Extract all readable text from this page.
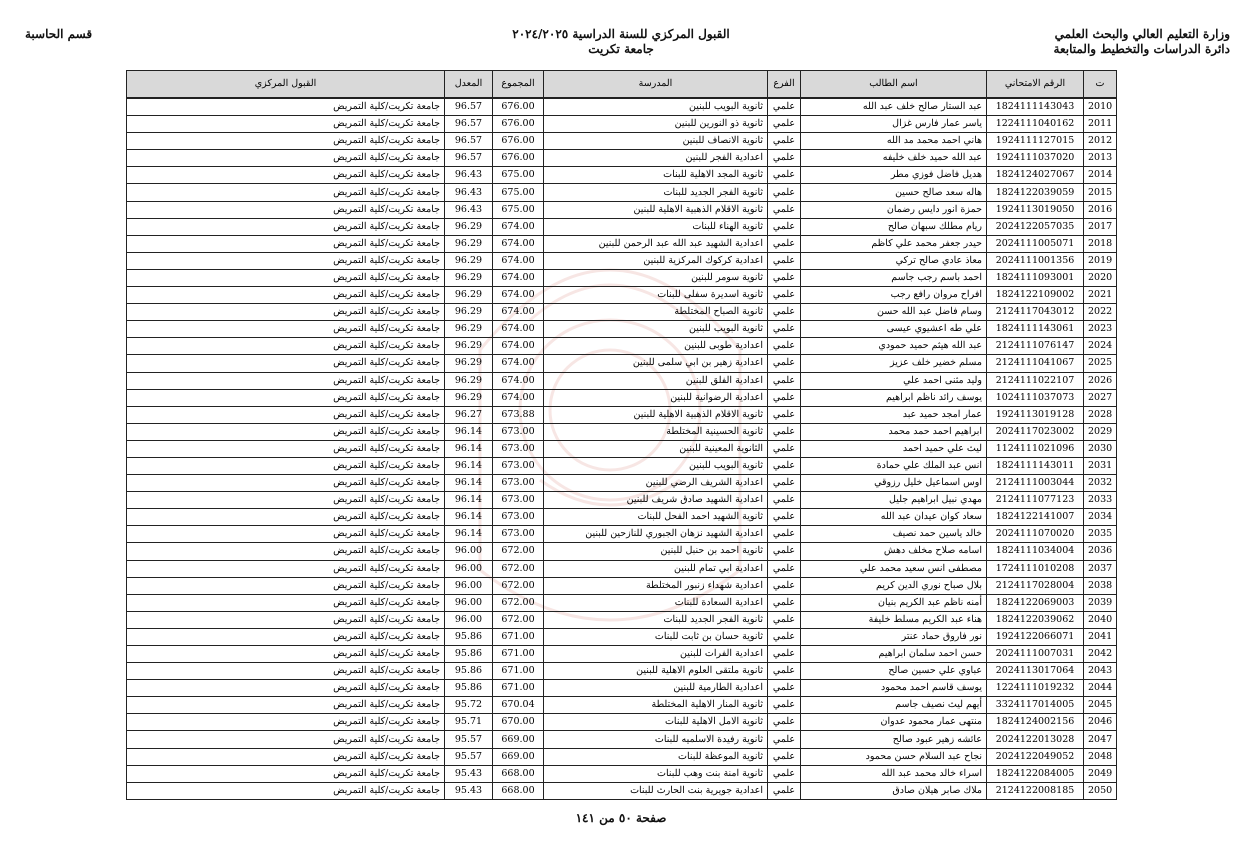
وزارة التعليم العالي والبحث العلمي
دائرة الدراسات والتخطيط والمتابعة
القبول المركزي للسنة الدراسية ٢٠٢٤/٢٠٢٥
جامعة تكريت
قسم الحاسبة
ت	الرقم الامتحاني	اسم الطالب	الفرع	المدرسة	المجموع	المعدل	القبول المركزي
2010	1824111143043	عبد الستار صالح خلف عبد الله	علمي	ثانوية البويب للبنين	676.00	96.57	جامعة تكريت/كلية التمريض
2011	1224111040162	ياسر عمار فارس غزال	علمي	ثانوية ذو النورين للبنين	676.00	96.57	جامعة تكريت/كلية التمريض
2012	1924111127015	هاني احمد محمد مد الله	علمي	ثانوية الانصاف للبنين	676.00	96.57	جامعة تكريت/كلية التمريض
2013	1924111037020	عبد الله حميد خلف خليفه	علمي	اعدادية الفجر للبنين	676.00	96.57	جامعة تكريت/كلية التمريض
2014	1824124027067	هديل فاضل فوزي مطر	علمي	ثانوية المجد الاهلية للبنات	675.00	96.43	جامعة تكريت/كلية التمريض
2015	1824122039059	هاله سعد صالح حسين	علمي	ثانوية الفجر الجديد للبنات	675.00	96.43	جامعة تكريت/كلية التمريض
2016	1924113019050	حمزة انور دايس رضمان	علمي	ثانوية الاقلام الذهبية الاهلية للبنين	675.00	96.43	جامعة تكريت/كلية التمريض
2017	2024122057035	ريام مطلك سبهان صالح	علمي	ثانوية الهناء للبنات	674.00	96.29	جامعة تكريت/كلية التمريض
2018	2024111005071	حيدر جعفر محمد علي كاظم	علمي	اعدادية الشهيد عبد الله عبد الرحمن للبنين	674.00	96.29	جامعة تكريت/كلية التمريض
2019	2024111001356	معاذ عادي صالح تركي	علمي	اعدادية كركوك المركزية للبنين	674.00	96.29	جامعة تكريت/كلية التمريض
2020	1824111093001	احمد باسم رجب جاسم	علمي	ثانوية سومر للبنين	674.00	96.29	جامعة تكريت/كلية التمريض
2021	1824122109002	افراح مروان رافع رجب	علمي	ثانوية اسديرة سفلى للبنات	674.00	96.29	جامعة تكريت/كلية التمريض
2022	2124117043012	وسام فاضل عبد الله حسن	علمي	ثانوية الصباح المختلطة	674.00	96.29	جامعة تكريت/كلية التمريض
2023	1824111143061	علي طه اعشيوي عيسى	علمي	ثانوية البويب للبنين	674.00	96.29	جامعة تكريت/كلية التمريض
2024	2124111076147	عبد الله هيثم حميد حمودي	علمي	اعدادية طوبى للبنين	674.00	96.29	جامعة تكريت/كلية التمريض
2025	2124111041067	مسلم خضير خلف عزيز	علمي	اعدادية زهير بن ابي سلمى للبنين	674.00	96.29	جامعة تكريت/كلية التمريض
2026	2124111022107	وليد مثنى احمد علي	علمي	اعدادية الفلق للبنين	674.00	96.29	جامعة تكريت/كلية التمريض
2027	1024111037073	يوسف رائد ناظم ابراهيم	علمي	اعدادية الرضوانية للبنين	674.00	96.29	جامعة تكريت/كلية التمريض
2028	1924113019128	عمار امجد حميد عبد	علمي	ثانوية الاقلام الذهبية الاهلية للبنين	673.88	96.27	جامعة تكريت/كلية التمريض
2029	2024117023002	ابراهيم احمد حمد محمد	علمي	ثانوية الحسينية المختلطة	673.00	96.14	جامعة تكريت/كلية التمريض
2030	1124111021096	ليث علي حميد احمد	علمي	الثانوية المعينية للبنين	673.00	96.14	جامعة تكريت/كلية التمريض
2031	1824111143011	انس عبد الملك علي حمادة	علمي	ثانوية البويب للبنين	673.00	96.14	جامعة تكريت/كلية التمريض
2032	2124111003044	اوس اسماعيل خليل رزوقي	علمي	اعدادية الشريف الرضي للبنين	673.00	96.14	جامعة تكريت/كلية التمريض
2033	2124111077123	مهدي نبيل ابراهيم جليل	علمي	اعدادية الشهيد صادق شريف للبنين	673.00	96.14	جامعة تكريت/كلية التمريض
2034	1824122141007	سعاد كوان عيدان عبد الله	علمي	ثانوية الشهيد احمد الفحل للبنات	673.00	96.14	جامعة تكريت/كلية التمريض
2035	2024111070020	خالد ياسين حمد نصيف	علمي	اعدادية الشهيد نزهان الجبوري للنازحين للبنين	673.00	96.14	جامعة تكريت/كلية التمريض
2036	1824111034004	اسامه صلاح مخلف دهش	علمي	ثانوية احمد بن حنبل للبنين	672.00	96.00	جامعة تكريت/كلية التمريض
2037	1724111010208	مصطفى انس سعيد محمد علي	علمي	اعدادية ابي تمام للبنين	672.00	96.00	جامعة تكريت/كلية التمريض
2038	2124117028004	بلال صباح نوري الدين كريم	علمي	اعدادية شهداء زنبور المختلطة	672.00	96.00	جامعة تكريت/كلية التمريض
2039	1824122069003	أمنه ناظم عبد الكريم بنيان	علمي	اعدادية السعادة للبنات	672.00	96.00	جامعة تكريت/كلية التمريض
2040	1824122039062	هناء عبد الكريم مسلط خليفة	علمي	ثانوية الفجر الجديد للبنات	672.00	96.00	جامعة تكريت/كلية التمريض
2041	1924122066071	نور فاروق حماد عنتر	علمي	ثانوية حسان بن ثابت للبنات	671.00	95.86	جامعة تكريت/كلية التمريض
2042	2024111007031	حسن احمد سلمان ابراهيم	علمي	اعدادية الفرات للبنين	671.00	95.86	جامعة تكريت/كلية التمريض
2043	2024113017064	عباوي علي حسين صالح	علمي	ثانوية ملتقى العلوم الاهلية للبنين	671.00	95.86	جامعة تكريت/كلية التمريض
2044	1224111019232	يوسف قاسم احمد محمود	علمي	اعدادية الطارمية للبنين	671.00	95.86	جامعة تكريت/كلية التمريض
2045	3324117014005	أيهم ليث نصيف جاسم	علمي	ثانوية المنار الاهلية المختلطة	670.04	95.72	جامعة تكريت/كلية التمريض
2046	1824124002156	منتهى عمار محمود عدوان	علمي	ثانوية الامل الاهلية للبنات	670.00	95.71	جامعة تكريت/كلية التمريض
2047	2024122013028	عائشه زهير عبود صالح	علمي	ثانوية رفيدة الاسلميه للبنات	669.00	95.57	جامعة تكريت/كلية التمريض
2048	2024122049052	نجاح عبد السلام حسن محمود	علمي	ثانوية الموعظة للبنات	669.00	95.57	جامعة تكريت/كلية التمريض
2049	1824122084005	اسراء خالد محمد عبد الله	علمي	ثانوية امنة بنت وهب للبنات	668.00	95.43	جامعة تكريت/كلية التمريض
2050	2124122008185	ملاك صابر هيلان صادق	علمي	اعدادية جويرية بنت الحارث للبنات	668.00	95.43	جامعة تكريت/كلية التمريض
صفحة ٥٠ من ١٤١
